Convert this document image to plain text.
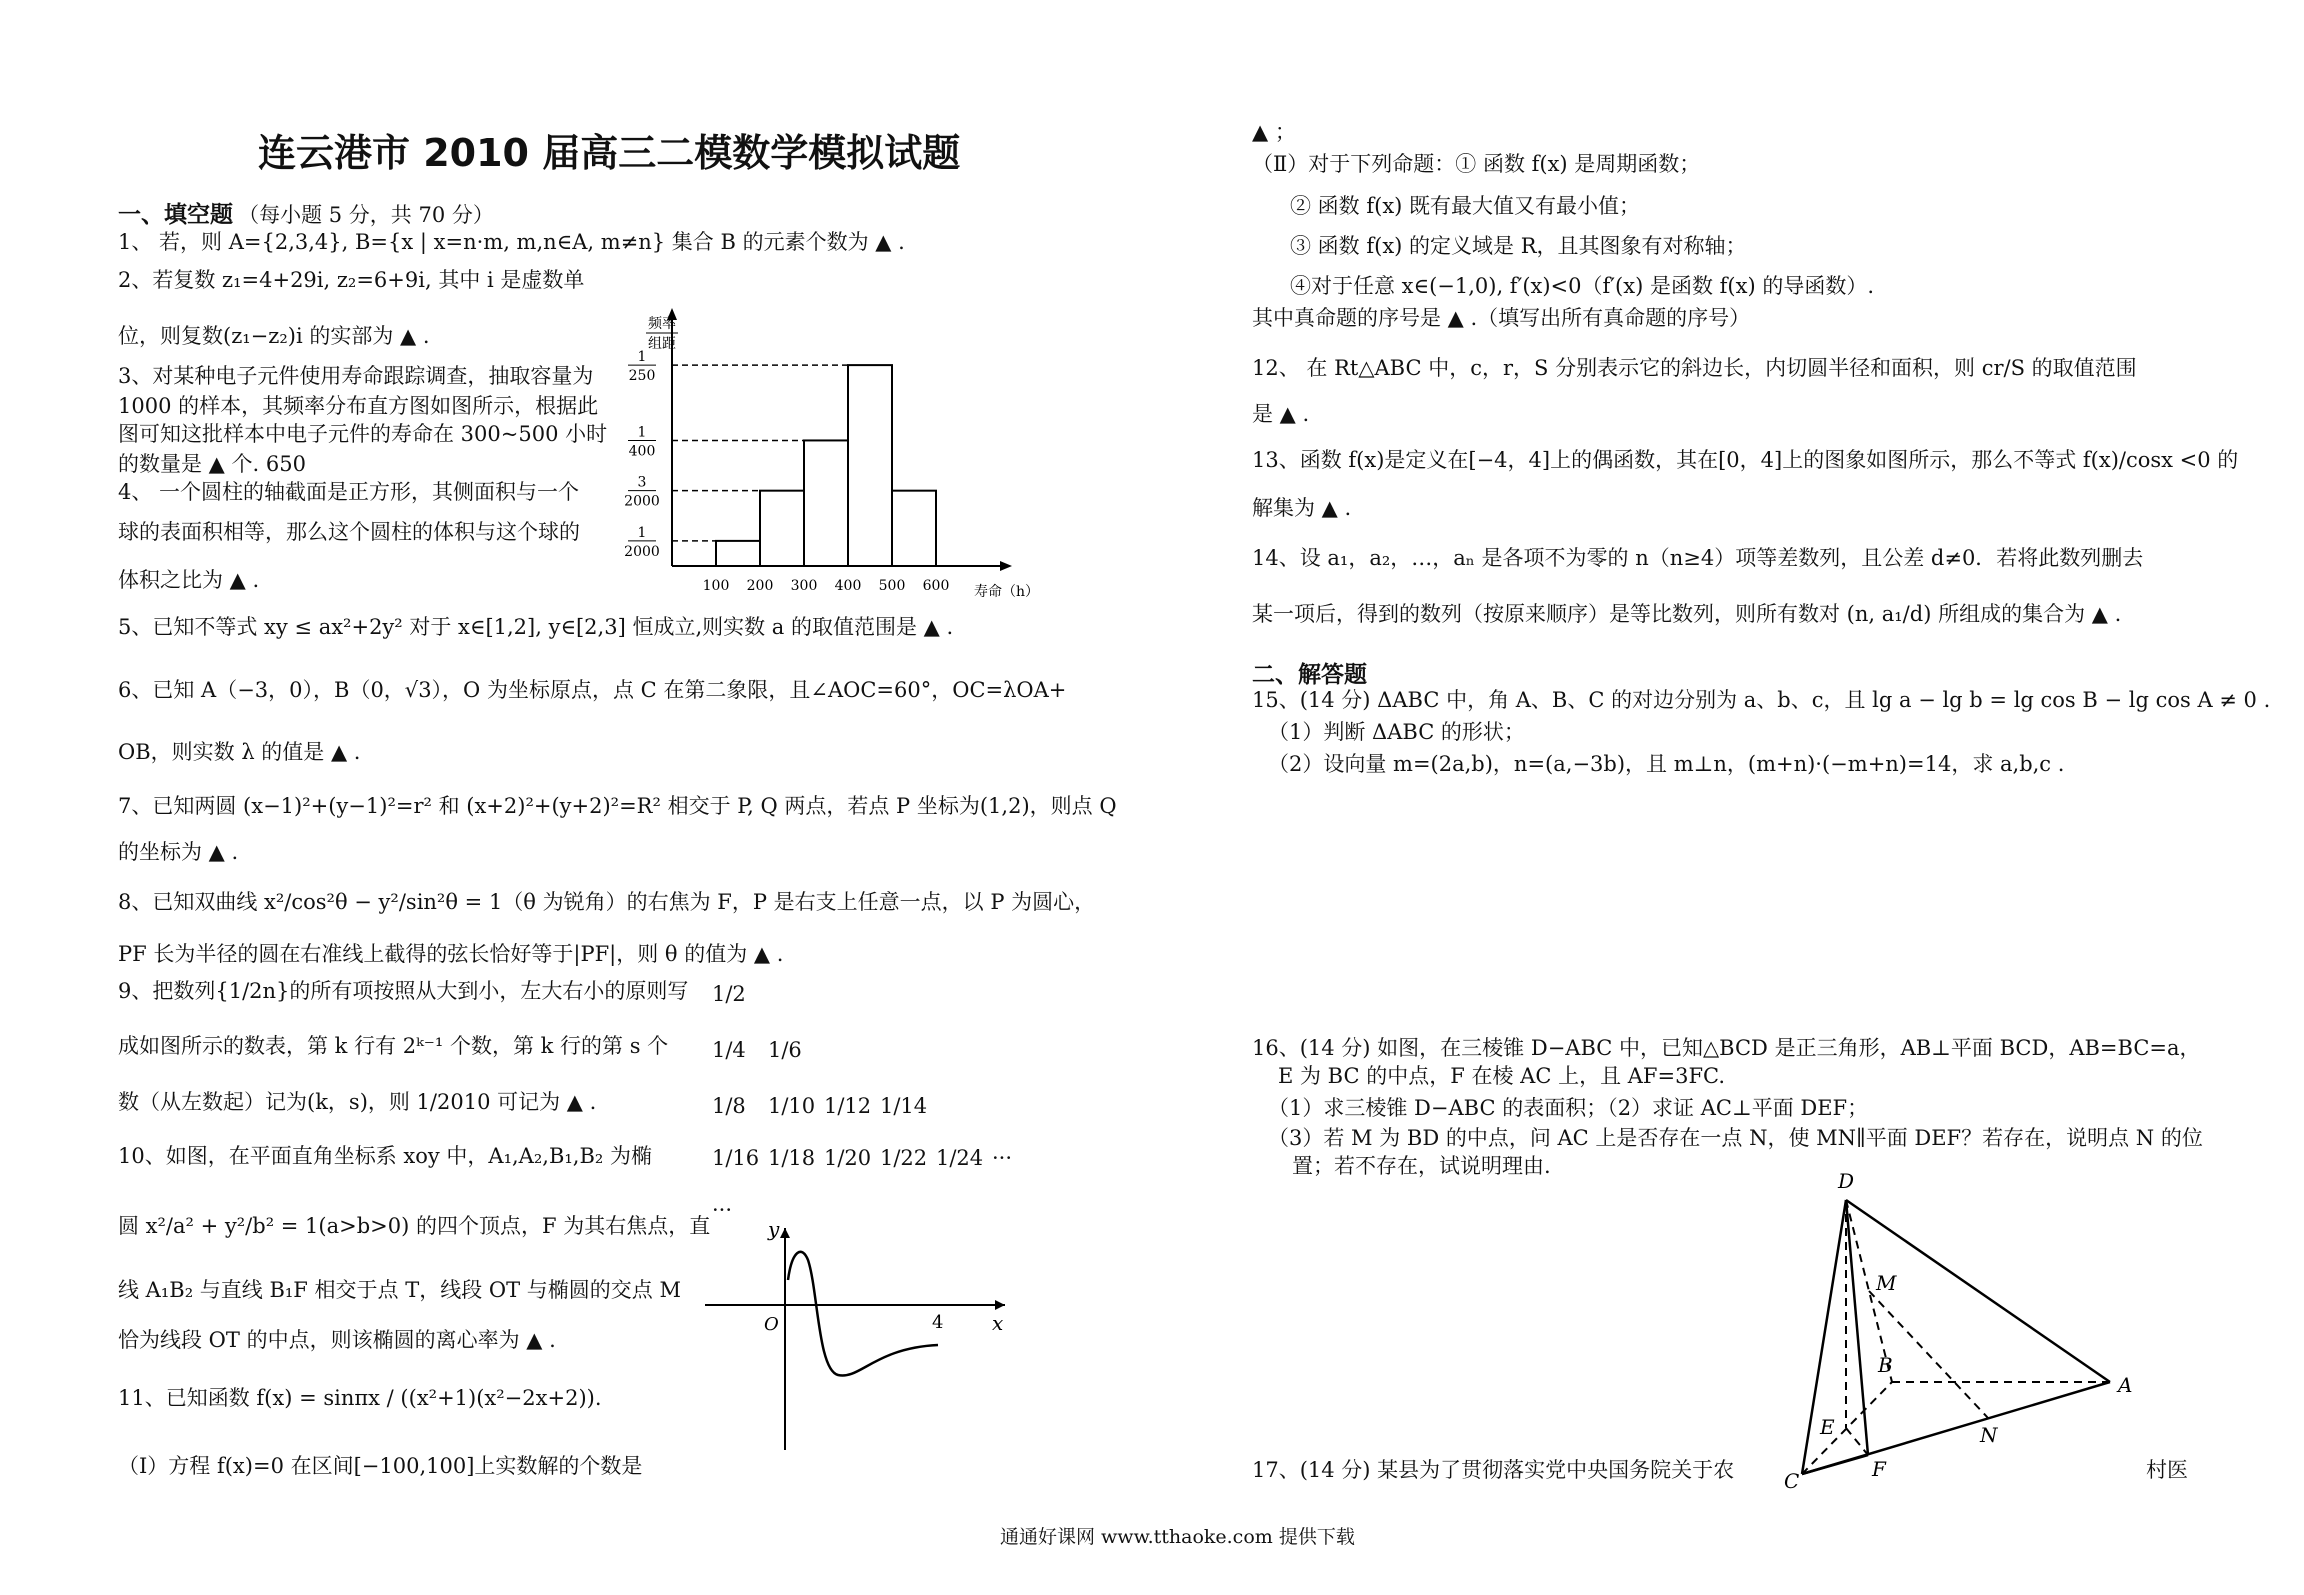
连云港市 2010 届高三二模数学模拟试题
一、填空题 （每小题 5 分，共 70 分）
1、 若，则 A={2,3,4}, B={x | x=n·m, m,n∈A, m≠n} 集合 B 的元素个数为 ▲ .
2、若复数 z₁=4+29i, z₂=6+9i, 其中 i 是虚数单
位，则复数(z₁−z₂)i 的实部为 ▲ .
3、对某种电子元件使用寿命跟踪调查，抽取容量为
1000 的样本，其频率分布直方图如图所示，根据此
图可知这批样本中电子元件的寿命在 300~500 小时
的数量是 ▲ 个. 650
4、 一个圆柱的轴截面是正方形，其侧面积与一个
球的表面积相等，那么这个圆柱的体积与这个球的
体积之比为 ▲ .
5、已知不等式 xy ≤ ax²+2y² 对于 x∈[1,2], y∈[2,3] 恒成立,则实数 a 的取值范围是 ▲ .
6、已知 A（−3，0），B（0，√3），O 为坐标原点，点 C 在第二象限，且∠AOC=60°，OC=λOA+
OB，则实数 λ 的值是 ▲ .
7、已知两圆 (x−1)²+(y−1)²=r² 和 (x+2)²+(y+2)²=R² 相交于 P, Q 两点，若点 P 坐标为(1,2)，则点 Q
的坐标为 ▲ .
8、已知双曲线 x²/cos²θ − y²/sin²θ = 1（θ 为锐角）的右焦为 F，P 是右支上任意一点，以 P 为圆心，
PF 长为半径的圆在右准线上截得的弦长恰好等于|PF|，则 θ 的值为 ▲ .
9、把数列{1/2n}的所有项按照从大到小，左大右小的原则写
成如图所示的数表，第 k 行有 2ᵏ⁻¹ 个数，第 k 行的第 s 个
数（从左数起）记为(k，s)，则 1/2010 可记为 ▲ .
10、如图，在平面直角坐标系 xoy 中，A₁,A₂,B₁,B₂ 为椭
圆 x²/a² + y²/b² = 1(a>b>0) 的四个顶点，F 为其右焦点，直
线 A₁B₂ 与直线 B₁F 相交于点 T，线段 OT 与椭圆的交点 M
恰为线段 OT 的中点，则该椭圆的离心率为 ▲ .
11、已知函数 f(x) = sinπx / ((x²+1)(x²−2x+2)).
（Ⅰ）方程 f(x)=0 在区间[−100,100]上实数解的个数是
1
250
1
400
3
2000
1
2000
频率
组距
100 200 300 400 500 600 寿命（h）
1/2
1/4 1/6
1/8 1/10 1/12 1/14
1/16 1/18 1/20 1/22 1/24 ···
···
y
x
O	4
▲ ；
（Ⅱ）对于下列命题：① 函数 f(x) 是周期函数；
② 函数 f(x) 既有最大值又有最小值；
③ 函数 f(x) 的定义域是 R，且其图象有对称轴；
④对于任意 x∈(−1,0), f′(x)<0（f′(x) 是函数 f(x) 的导函数）.
其中真命题的序号是 ▲ .（填写出所有真命题的序号）
12、 在 Rt△ABC 中，c，r，S 分别表示它的斜边长，内切圆半径和面积，则 cr/S 的取值范围
是 ▲ .
13、函数 f(x)是定义在[−4，4]上的偶函数，其在[0，4]上的图象如图所示，那么不等式 f(x)/cosx <0 的
解集为 ▲ .
14、设 a₁，a₂，…，aₙ 是各项不为零的 n（n≥4）项等差数列，且公差 d≠0．若将此数列删去
某一项后，得到的数列（按原来顺序）是等比数列，则所有数对 (n, a₁/d) 所组成的集合为 ▲ .
15、(14 分) ΔABC 中，角 A、B、C 的对边分别为 a、b、c，且 lg a − lg b = lg cos B − lg cos A ≠ 0 .
（1）判断 ΔABC 的形状；
（2）设向量 m=(2a,b)，n=(a,−3b)，且 m⊥n，(m+n)·(−m+n)=14，求 a,b,c .
16、(14 分) 如图，在三棱锥 D−ABC 中，已知△BCD 是正三角形，AB⊥平面 BCD，AB=BC=a，
E 为 BC 的中点，F 在棱 AC 上，且 AF=3FC.
（1）求三棱锥 D−ABC 的表面积；（2）求证 AC⊥平面 DEF；
（3）若 M 为 BD 的中点，问 AC 上是否存在一点 N，使 MN∥平面 DEF？若存在，说明点 N 的位
置；若不存在，试说明理由.
17、(14 分) 某县为了贯彻落实党中央国务院关于农	村医
二、解答题
D
M
B
A
E	N
C	F
通通好课网 www.tthaoke.com 提供下载
